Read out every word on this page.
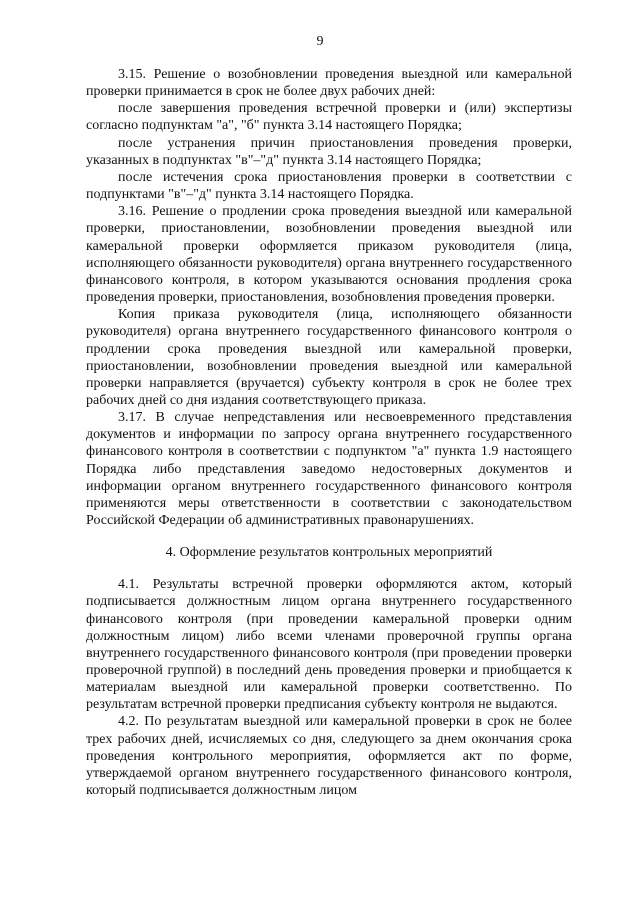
9

3.15. Решение о возобновлении проведения выездной или камеральной проверки принимается в срок не более двух рабочих дней:

после завершения проведения встречной проверки и (или) экспертизы согласно подпунктам "а", "б" пункта 3.14 настоящего Порядка;

после устранения причин приостановления проведения проверки, указанных в подпунктах "в"–"д" пункта 3.14 настоящего Порядка;

после истечения срока приостановления проверки в соответствии с подпунктами "в"–"д" пункта 3.14 настоящего Порядка.

3.16. Решение о продлении срока проведения выездной или камеральной проверки, приостановлении, возобновлении проведения выездной или камеральной проверки оформляется приказом руководителя (лица, исполняющего обязанности руководителя) органа внутреннего государственного финансового контроля, в котором указываются основания продления срока проведения проверки, приостановления, возобновления проведения проверки.

Копия приказа руководителя (лица, исполняющего обязанности руководителя) органа внутреннего государственного финансового контроля о продлении срока проведения выездной или камеральной проверки, приостановлении, возобновлении проведения выездной или камеральной проверки направляется (вручается) субъекту контроля в срок не более трех рабочих дней со дня издания соответствующего приказа.

3.17. В случае непредставления или несвоевременного представления документов и информации по запросу органа внутреннего государственного финансового контроля в соответствии с подпунктом "а" пункта 1.9 настоящего Порядка либо представления заведомо недостоверных документов и информации органом внутреннего государственного финансового контроля применяются меры ответственности в соответствии с законодательством Российской Федерации об административных правонарушениях.

4. Оформление результатов контрольных мероприятий

4.1. Результаты встречной проверки оформляются актом, который подписывается должностным лицом органа внутреннего государственного финансового контроля (при проведении камеральной проверки одним должностным лицом) либо всеми членами проверочной группы органа внутреннего государственного финансового контроля (при проведении проверки проверочной группой) в последний день проведения проверки и приобщается к материалам выездной или камеральной проверки соответственно. По результатам встречной проверки предписания субъекту контроля не выдаются.

4.2. По результатам выездной или камеральной проверки в срок не более трех рабочих дней, исчисляемых со дня, следующего за днем окончания срока проведения контрольного мероприятия, оформляется акт по форме, утверждаемой органом внутреннего государственного финансового контроля, который подписывается должностным лицом
